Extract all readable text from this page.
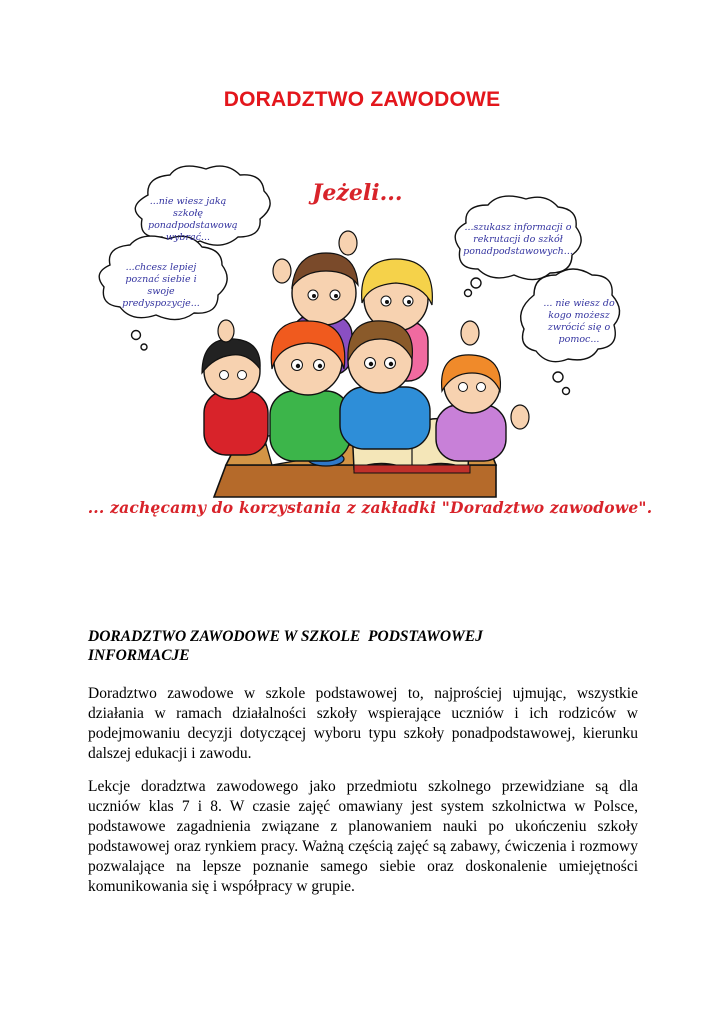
DORADZTWO ZAWODOWE
Jeżeli...
...nie wiesz jaką szkołę ponadpodstawową wybrać...
...chcesz lepiej poznać siebie i swoje predyspozycje...
...szukasz informacji o rekrutacji do szkół ponadpodstawowych...
... nie wiesz do kogo możesz zwrócić się o pomoc...
... zachęcamy do korzystania z zakładki "Doradztwo zawodowe".
DORADZTWO ZAWODOWE W SZKOLE  PODSTAWOWEJ
INFORMACJE

Doradztwo zawodowe w szkole podstawowej to, najprościej ujmując, wszystkie działania w ramach działalności szkoły wspierające uczniów i ich rodziców w podejmowaniu decyzji dotyczącej wyboru typu szkoły ponadpodstawowej, kierunku dalszej edukacji i zawodu.

Lekcje doradztwa zawodowego jako przedmiotu szkolnego przewidziane są dla uczniów klas 7 i 8. W czasie zajęć omawiany jest system szkolnictwa w Polsce, podstawowe zagadnienia związane z planowaniem nauki po ukończeniu szkoły podstawowej oraz rynkiem pracy. Ważną częścią zajęć są zabawy, ćwiczenia i rozmowy pozwalające na lepsze poznanie samego siebie oraz doskonalenie umiejętności komunikowania się i współpracy w grupie.
